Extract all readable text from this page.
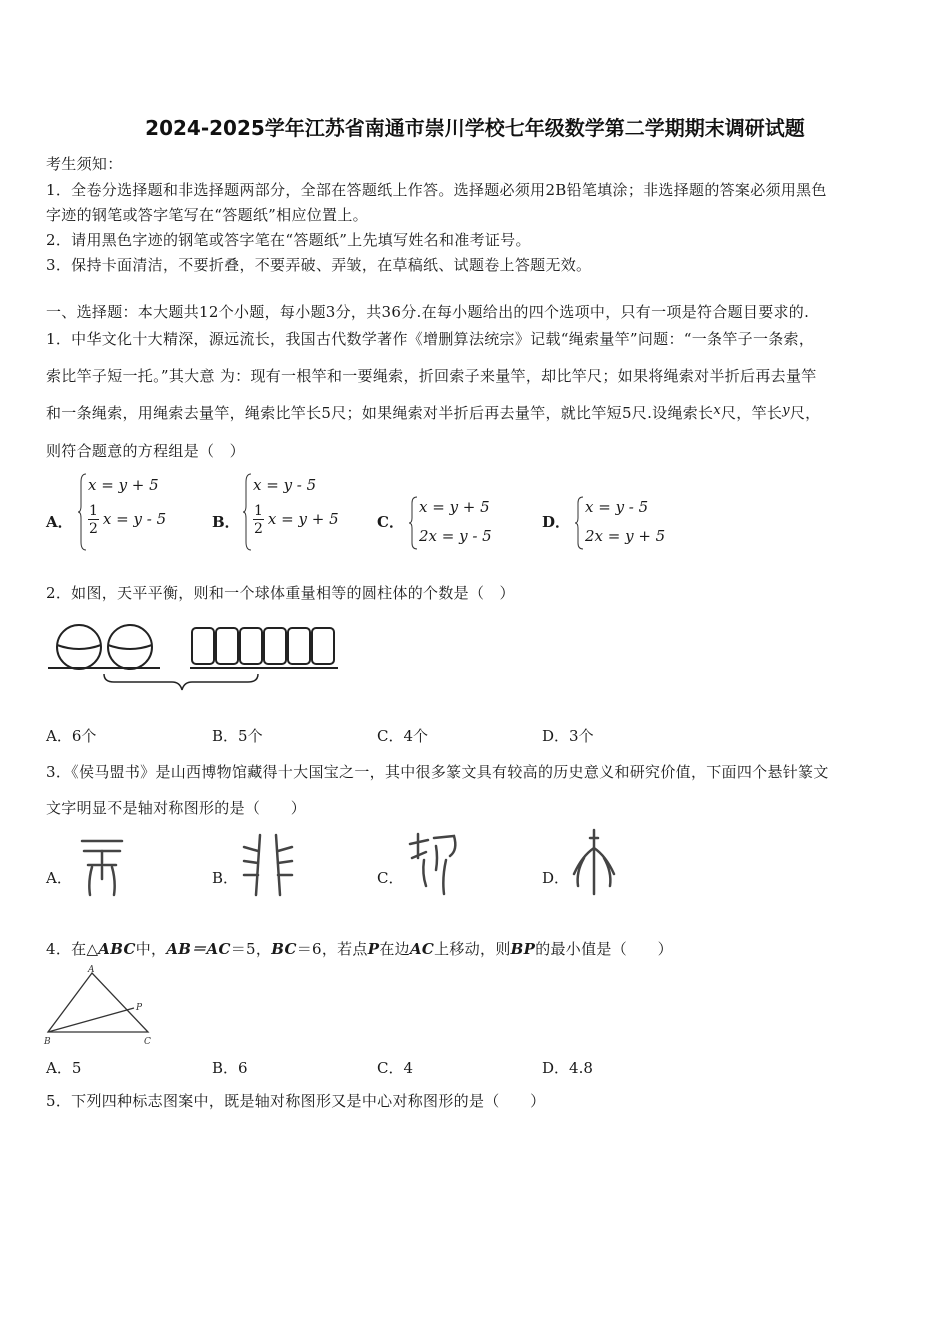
2024-2025学年江苏省南通市崇川学校七年级数学第二学期期末调研试题
考生须知：
1．全卷分选择题和非选择题两部分，全部在答题纸上作答。选择题必须用2B铅笔填涂；非选择题的答案必须用黑色
字迹的钢笔或答字笔写在“答题纸”相应位置上。
2．请用黑色字迹的钢笔或答字笔在“答题纸”上先填写姓名和准考证号。
3．保持卡面清洁，不要折叠，不要弄破、弄皱，在草稿纸、试题卷上答题无效。
一、选择题：本大题共12个小题，每小题3分，共36分.在每小题给出的四个选项中，只有一项是符合题目要求的.
1．中华文化十大精深，源远流长，我国古代数学著作《增删算法统宗》记载“绳索量竿”问题：“一条竿子一条索，
索比竿子短一托。”其大意 为：现有一根竿和一要绳索，折回索子来量竿，却比竿尺；如果将绳索对半折后再去量竿
和一条绳索，用绳索去量竿，绳索比竿长5尺；如果绳索对半折后再去量竿，就比竿短5尺.设绳索长x尺，竿长y尺，
则符合题意的方程组是（　）
A．
x = y + 5
$\frac{1}{2}$ x = y - 5	B．
x = y - 5
$\frac{1}{2}$ x = y + 5	C．
x = y + 5
2x = y - 5
D．
x = y - 5
2x = y + 5
2．如图，天平平衡，则和一个球体重量相等的圆柱体的个数是（　）
A．6个	B．5个	C．4个	D．3个
3．《侯马盟书》是山西博物馆藏得十大国宝之一，其中很多篆文具有较高的历史意义和研究价值，下面四个悬针篆文
文字明显不是轴对称图形的是（　　）
A．	B．	C．	D．
4．在△ABC中，AB＝AC＝5，BC＝6，若点P在边AC上移动，则BP的最小值是（　　）
A
B	C
P
A．5	B．6	C．4	D．4.8
5．下列四种标志图案中，既是轴对称图形又是中心对称图形的是（　　）
